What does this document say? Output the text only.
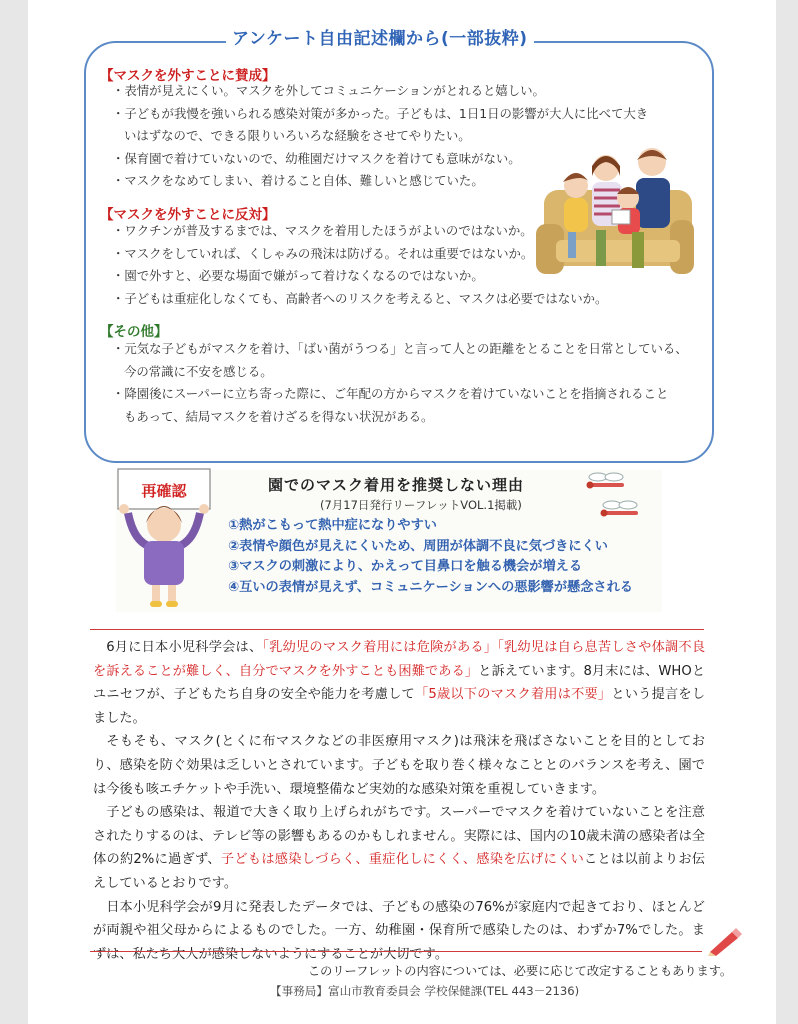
アンケート自由記述欄から(一部抜粋)
【マスクを外すことに賛成】
・ 表情が見えにくい。マスクを外してコミュニケーションがとれると嬉しい。
・ 子どもが我慢を強いられる感染対策が多かった。子どもは、1日1日の影響が大人に比べて大き
いはずなので、できる限りいろいろな経験をさせてやりたい。
・ 保育園で着けていないので、幼稚園だけマスクを着けても意味がない。
・ マスクをなめてしまい、着けること自体、難しいと感じていた。
【マスクを外すことに反対】
・ ワクチンが普及するまでは、マスクを着用したほうがよいのではないか。
・ マスクをしていれば、くしゃみの飛沫は防げる。それは重要ではないか。
・ 園で外すと、必要な場面で嫌がって着けなくなるのではないか。
・ 子どもは重症化しなくても、高齢者へのリスクを考えると、マスクは必要ではないか。
【その他】
・ 元気な子どもがマスクを着け、「ばい菌がうつる」と言って人との距離をとることを日常としている、
今の常識に不安を感じる。
・ 降園後にスーパーに立ち寄った際に、ご年配の方からマスクを着けていないことを指摘されること
もあって、結局マスクを着けざるを得ない状況がある。
再確認	園でのマスク着用を推奨しない理由

(7月17日発行リーフレットVOL.1掲載)

①熱がこもって熱中症になりやすい
②表情や顔色が見えにくいため、周囲が体調不良に気づきにくい
③マスクの刺激により、かえって目鼻口を触る機会が増える
④互いの表情が見えず、コミュニケーションへの悪影響が懸念される

6月に日本小児科学会は、「乳幼児のマスク着用には危険がある」「乳幼児は自ら息苦しさや体調不良を訴えることが難しく、自分でマスクを外すことも困難である」と訴えています。8月末には、WHOとユニセフが、子どもたち自身の安全や能力を考慮して「5歳以下のマスク着用は不要」という提言をしました。

そもそも、マスク(とくに布マスクなどの非医療用マスク)は飛沫を飛ばさないことを目的としており、感染を防ぐ効果は乏しいとされています。子どもを取り巻く様々なこととのバランスを考え、園では今後も咳エチケットや手洗い、環境整備など実効的な感染対策を重視していきます。

子どもの感染は、報道で大きく取り上げられがちです。スーパーでマスクを着けていないことを注意されたりするのは、テレビ等の影響もあるのかもしれません。実際には、国内の10歳未満の感染者は全体の約2%に過ぎず、子どもは感染しづらく、重症化しにくく、感染を広げにくいことは以前よりお伝えしているとおりです。

日本小児科学会が9月に発表したデータでは、子どもの感染の76%が家庭内で起きており、ほとんどが両親や祖父母からによるものでした。一方、幼稚園・保育所で感染したのは、わずか7%でした。まずは、私たち大人が感染しないようにすることが大切です。

このリーフレットの内容については、必要に応じて改定することもあります。

【事務局】富山市教育委員会 学校保健課(TEL 443－2136)
